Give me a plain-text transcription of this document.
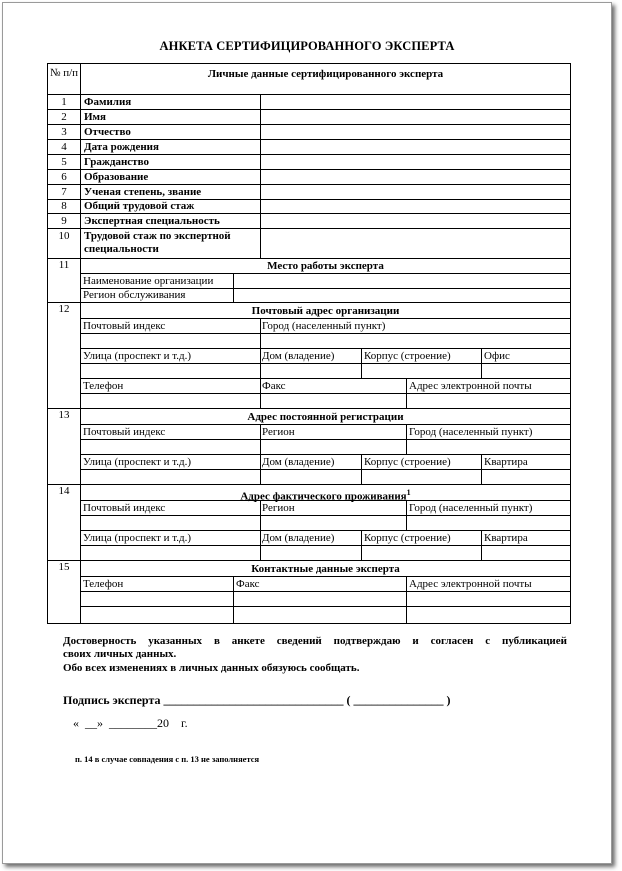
АНКЕТА СЕРТИФИЦИРОВАННОГО ЭКСПЕРТА
№ п/п	Личные данные сертифицированного эксперта
1	Фамилия
2	Имя
3	Отчество
4	Дата рождения
5	Гражданство
6	Образование
7	Ученая степень, звание
8	Общий трудовой стаж
9	Экспертная специальность
10	Трудовой стаж по экспертной
специальности
11	Место работы эксперта
Наименование организации
Регион обслуживания
12	Почтовый адрес организации
Почтовый индекс	Город (населенный пункт)
Улица (проспект и т.д.)	Дом (владение)	Корпус (строение)	Офис
Телефон	Факс	Адрес электронной почты
13	Адрес постоянной регистрации
Почтовый индекс	Регион	Город (населенный пункт)
Улица (проспект и т.д.)	Дом (владение)	Корпус (строение)	Квартира
14	Адрес фактического проживания$^1$
Почтовый индекс	Регион	Город (населенный пункт)
Улица (проспект и т.д.)	Дом (владение)	Корпус (строение)	Квартира
15	Контактные данные эксперта
Телефон	Факс	Адрес электронной почты
Достоверность указанных в анкете сведений подтверждаю и согласен с публикацией
своих личных данных.
Обо всех изменениях в личных данных обязуюсь сообщать.
Подпись эксперта ______________________________ ( _______________ )
«  __»  ________20    г.
п. 14 в случае совпадения с п. 13 не заполняется
